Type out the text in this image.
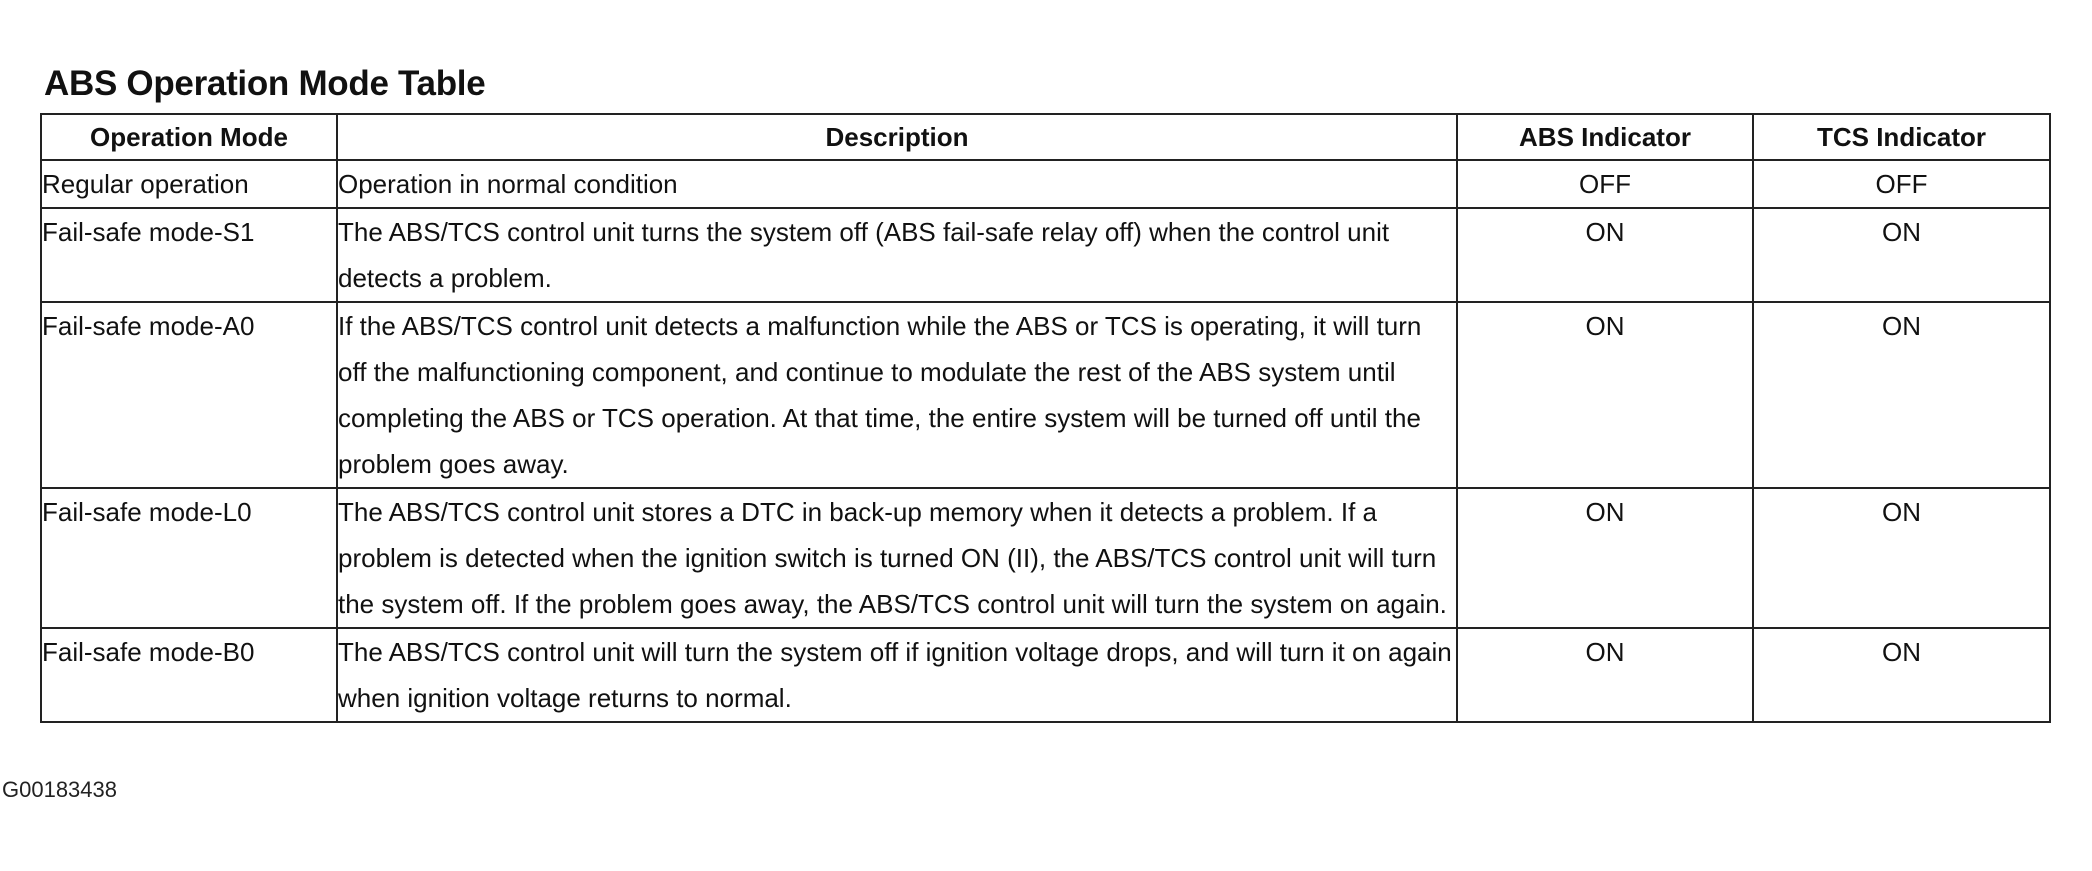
ABS Operation Mode Table
Operation Mode	Description	ABS Indicator	TCS Indicator
Regular operation	Operation in normal condition	OFF	OFF
Fail-safe mode-S1	The ABS/TCS control unit turns the system off (ABS fail-safe relay off) when the control unit detects a problem.	ON	ON
Fail-safe mode-A0	If the ABS/TCS control unit detects a malfunction while the ABS or TCS is operating, it will turn off the malfunctioning component, and continue to modulate the rest of the ABS system until completing the ABS or TCS operation. At that time, the entire system will be turned off until the problem goes away.	ON	ON
Fail-safe mode-L0	The ABS/TCS control unit stores a DTC in back-up memory when it detects a problem. If a problem is detected when the ignition switch is turned ON (II), the ABS/TCS control unit will turn the system off. If the problem goes away, the ABS/TCS control unit will turn the system on again.	ON	ON
Fail-safe mode-B0	The ABS/TCS control unit will turn the system off if ignition voltage drops, and will turn it on again when ignition voltage returns to normal.	ON	ON

G00183438
